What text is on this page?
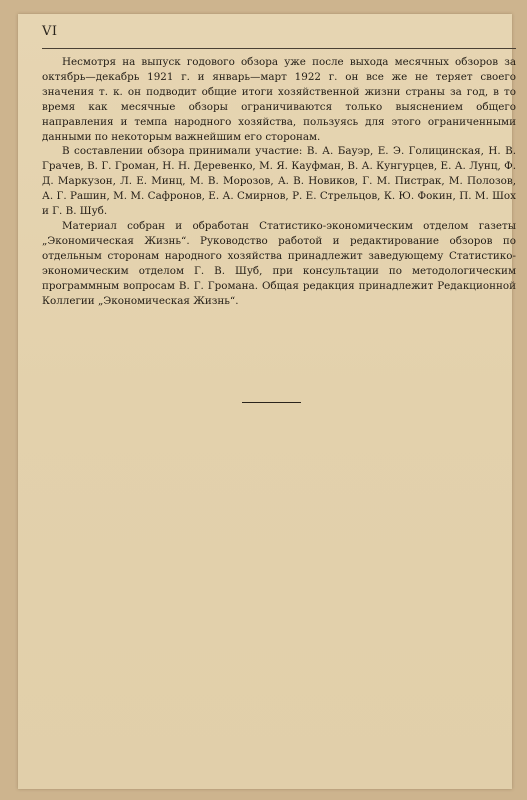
VI

Несмотря на выпуск годового обзора уже после выхода месячных обзоров за октябрь—декабрь 1921 г. и январь—март 1922 г. он все же не теряет своего значения т. к. он подводит общие итоги хозяйственной жизни страны за год, в то время как месячные обзоры ограничиваются только выяснением общего направления и темпа народного хозяйства, пользуясь для этого ограниченными данными по некоторым важнейшим его сторонам.

В составлении обзора принимали участие: В. А. Бауэр, Е. Э. Голицинская, Н. В. Грачев, В. Г. Громан, Н. Н. Деревенко, М. Я. Кауфман, В. А. Кунгурцев, Е. А. Лунц, Ф. Д. Маркузон, Л. Е. Минц, М. В. Морозов, А. В. Новиков, Г. М. Пистрак, М. Полозов, А. Г. Рашин, М. М. Сафронов, Е. А. Смирнов, Р. Е. Стрельцов, К. Ю. Фокин, П. М. Шох и Г. В. Шуб.

Материал собран и обработан Статистико-экономическим отделом газеты „Экономическая Жизнь“. Руководство работой и редактирование обзоров по отдельным сторонам народного хозяйства принадлежит заведующему Статистико-экономическим отделом Г. В. Шуб, при консультации по методологическим программным вопросам В. Г. Громана. Общая редакция принадлежит Редакционной Коллегии „Экономическая Жизнь“.
